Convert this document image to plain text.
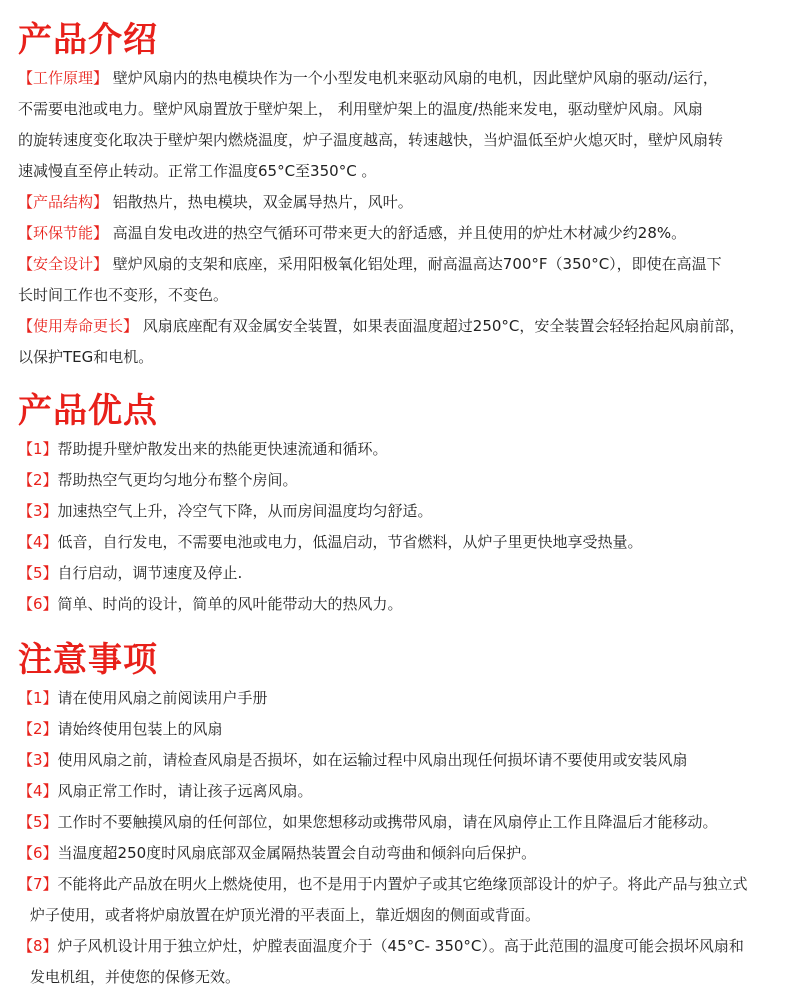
产品介绍
【工作原理】 壁炉风扇内的热电模块作为一个小型发电机来驱动风扇的电机，因此壁炉风扇的驱动/运行，
不需要电池或电力。壁炉风扇置放于壁炉架上， 利用壁炉架上的温度/热能来发电，驱动壁炉风扇。风扇
的旋转速度变化取决于壁炉架内燃烧温度，炉子温度越高，转速越快，当炉温低至炉火熄灭时，壁炉风扇转
速减慢直至停止转动。正常工作温度65°C至350°C 。
【产品结构】 铝散热片，热电模块，双金属导热片，风叶。
【环保节能】 高温自发电改进的热空气循环可带来更大的舒适感，并且使用的炉灶木材减少约28%。
【安全设计】 壁炉风扇的支架和底座，采用阳极氧化铝处理，耐高温高达700°F（350°C），即使在高温下
长时间工作也不变形，不变色。
【使用寿命更长】 风扇底座配有双金属安全装置，如果表面温度超过250°C，安全装置会轻轻抬起风扇前部，
以保护TEG和电机。
产品优点
【1】帮助提升壁炉散发出来的热能更快速流通和循环。
【2】帮助热空气更均匀地分布整个房间。
【3】加速热空气上升，冷空气下降，从而房间温度均匀舒适。
【4】低音，自行发电，不需要电池或电力，低温启动，节省燃料，从炉子里更快地享受热量。
【5】自行启动，调节速度及停止.
【6】简单、时尚的设计，简单的风叶能带动大的热风力。
注意事项
【1】请在使用风扇之前阅读用户手册
【2】请始终使用包装上的风扇
【3】使用风扇之前，请检查风扇是否损坏，如在运输过程中风扇出现任何损坏请不要使用或安装风扇
【4】风扇正常工作时，请让孩子远离风扇。
【5】工作时不要触摸风扇的任何部位，如果您想移动或携带风扇，请在风扇停止工作且降温后才能移动。
【6】当温度超250度时风扇底部双金属隔热装置会自动弯曲和倾斜向后保护。
【7】不能将此产品放在明火上燃烧使用，也不是用于内置炉子或其它绝缘顶部设计的炉子。将此产品与独立式
炉子使用，或者将炉扇放置在炉顶光滑的平表面上，靠近烟囱的侧面或背面。
【8】炉子风机设计用于独立炉灶，炉膛表面温度介于（45°C- 350°C）。高于此范围的温度可能会损坏风扇和
发电机组，并使您的保修无效。
